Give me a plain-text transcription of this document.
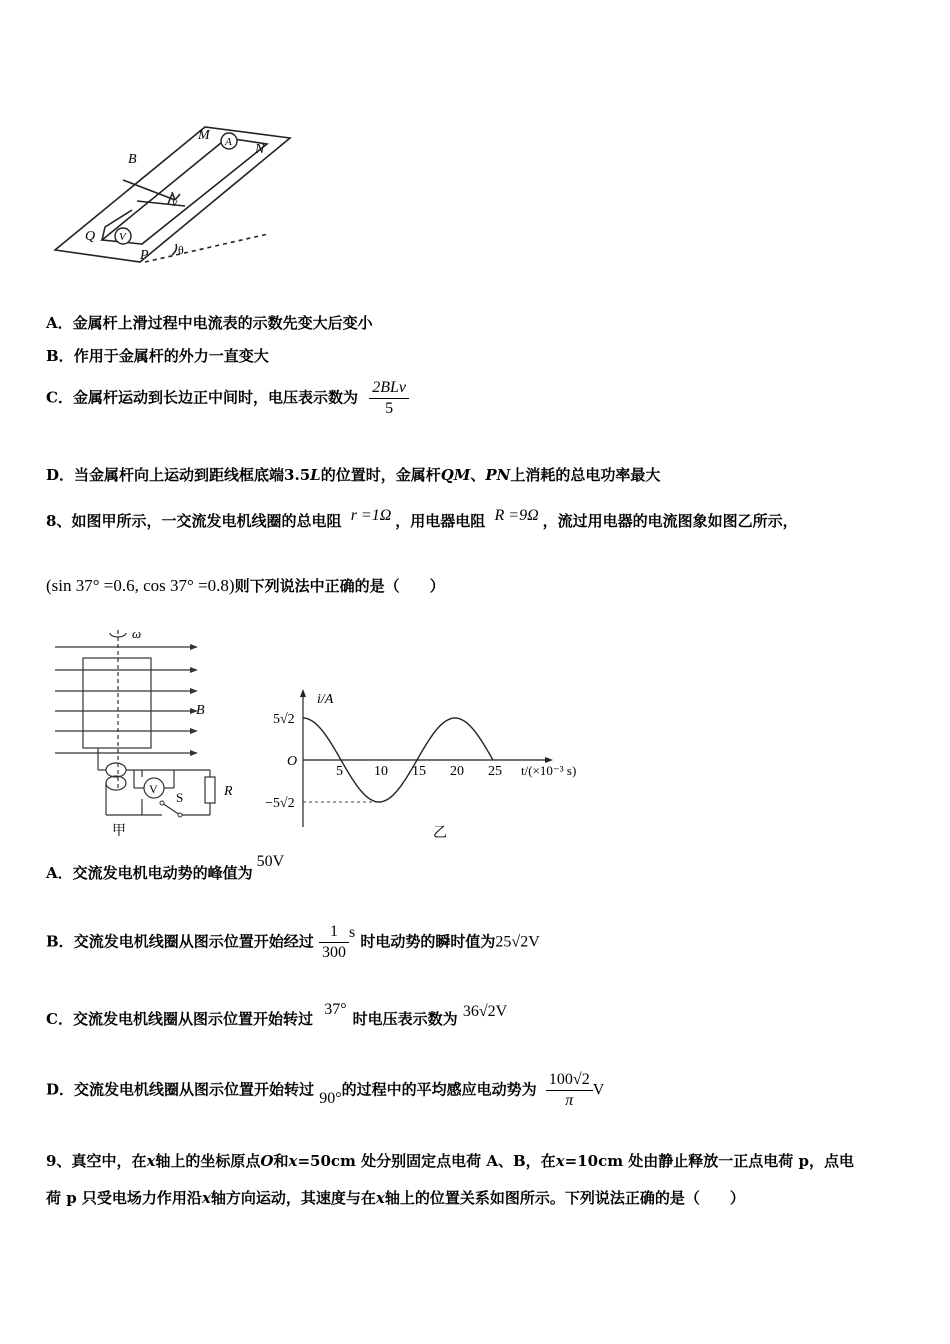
A
V
B
M
N
v
Q
P θ
A．金属杆上滑过程中电流表的示数先变大后变小
B．作用于金属杆的外力一直变大
C．金属杆运动到长边正中间时，电压表示数为 $\frac{\text{2BLv}}{5}$
D．当金属杆向上运动到距线框底端3.5L的位置时，金属杆QM、PN上消耗的总电功率最大
8、如图甲所示，一交流发电机线圈的总电阻 r =1Ω ，用电器电阻 R =9Ω ，流过用电器的电流图象如图乙所示，
(sin 37° =0.6, cos 37° =0.8)则下列说法中正确的是（　　）
ω
B
V
S	R
甲
5 10 15 20 25
5√2
O
−5√2
i/A
t/(×10⁻³ s)
乙
A．交流发电机电动势的峰值为50V
B．交流发电机线圈从图示位置开始经过 $\frac{1}{300}$ s 时电动势的瞬时值为25√2V
C．交流发电机线圈从图示位置开始转过 37°时电压表示数为 36√2V
D．交流发电机线圈从图示位置开始转过 90°的过程中的平均感应电动势为 $\frac{100√2}{\pi}$ V
9、真空中，在x轴上的坐标原点O和x=50cm 处分别固定点电荷 A、B，在x=10cm 处由静止释放一正点电荷 p，点电
荷 p 只受电场力作用沿x轴方向运动，其速度与在x轴上的位置关系如图所示。下列说法正确的是（　　）
